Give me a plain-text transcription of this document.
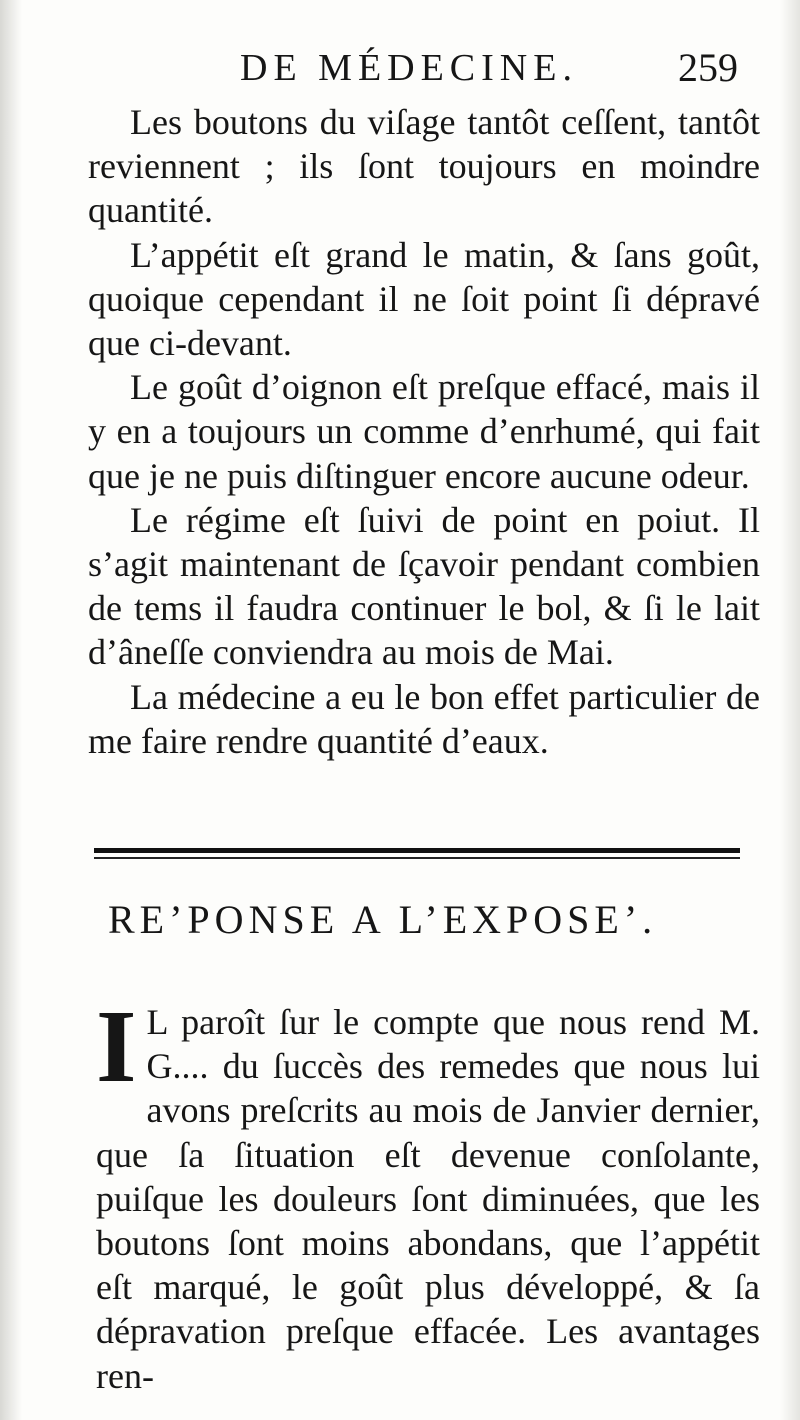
DE MÉDECINE.	259

Les boutons du viſage tantôt ceſſent, tantôt reviennent ; ils ſont toujours en moindre quantité.

L’appétit eſt grand le matin, & ſans goût, quoique cependant il ne ſoit point ſi dépravé que ci-devant.

Le goût d’oignon eſt preſque effacé, mais il y en a toujours un comme d’enrhumé, qui fait que je ne puis diſtinguer encore aucune odeur.

Le régime eſt ſuivi de point en poiut. Il s’agit maintenant de ſçavoir pendant combien de tems il faudra continuer le bol, & ſi le lait d’âneſſe conviendra au mois de Mai.

La médecine a eu le bon effet particulier de me faire rendre quantité d’eaux.

RE’PONSE A L’EXPOSE’.
I L paroît ſur le compte que nous rend M. G.... du ſuccès des remedes que nous lui avons preſcrits au mois de Janvier dernier, que ſa ſituation eſt devenue conſolante, puiſque les douleurs ſont diminuées, que les boutons ſont moins abondans, que l’appétit eſt marqué, le goût plus développé, & ſa dépravation preſque effacée. Les avantages ren-
